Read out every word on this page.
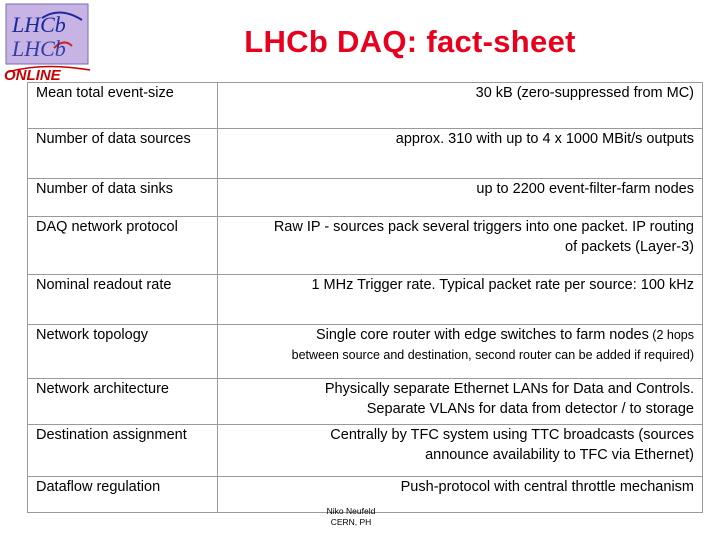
LHCb
LHCb
ONLINE
LHCb DAQ: fact-sheet
Mean total event-size	30 kB (zero-suppressed from MC)
Number of data sources	approx. 310 with up to 4 x 1000 MBit/s outputs
Number of data sinks	up to 2200 event-filter-farm nodes
DAQ network protocol	Raw IP - sources pack several triggers into one packet. IP routing
of packets (Layer-3)
Nominal readout rate	1 MHz Trigger rate. Typical packet rate per source: 100 kHz
Network topology	Single core router with edge switches to farm nodes (2 hops
between source and destination, second router can be added if required)
Network architecture	Physically separate Ethernet LANs for Data and Controls.
Separate VLANs for data from detector / to storage
Destination assignment	Centrally by TFC system using TTC broadcasts (sources
announce availability to TFC via Ethernet)
Dataflow regulation	Push-protocol with central throttle mechanism
Niko Neufeld
CERN, PH
